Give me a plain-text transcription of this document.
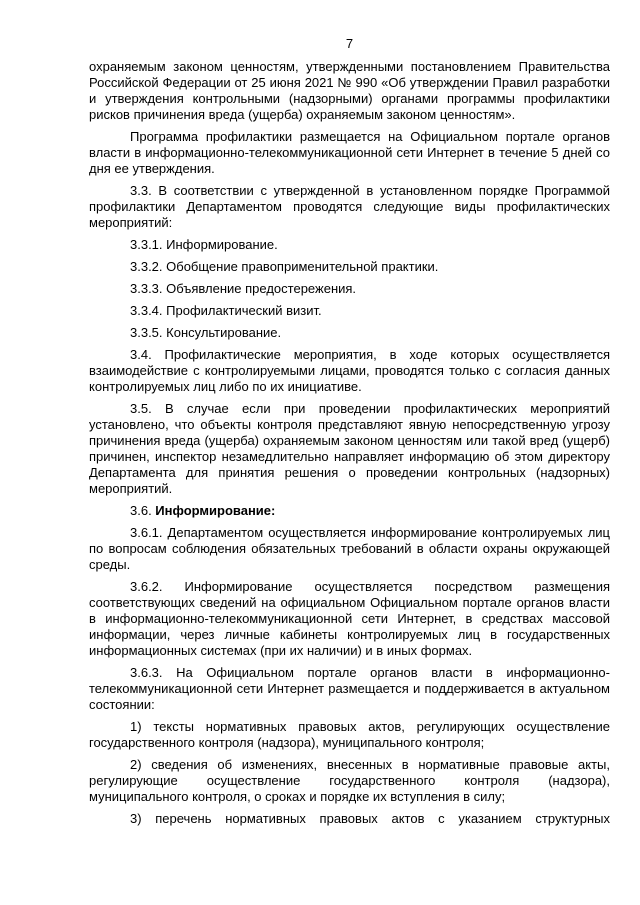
7

охраняемым законом ценностям, утвержденными постановлением Правительства Российской Федерации от 25 июня 2021 № 990 «Об утверждении Правил разработки и утверждения контрольными (надзорными) органами программы профилактики рисков причинения вреда (ущерба) охраняемым законом ценностям».

Программа профилактики размещается на Официальном портале органов власти в информационно-телекоммуникационной сети Интернет в течение 5 дней со дня ее утверждения.

3.3. В соответствии с утвержденной в установленном порядке Программой профилактики Департаментом проводятся следующие виды профилактических мероприятий:

3.3.1. Информирование.

3.3.2. Обобщение правоприменительной практики.

3.3.3. Объявление предостережения.

3.3.4. Профилактический визит.

3.3.5. Консультирование.

3.4. Профилактические мероприятия, в ходе которых осуществляется взаимодействие с контролируемыми лицами, проводятся только с согласия данных контролируемых лиц либо по их инициативе.

3.5. В случае если при проведении профилактических мероприятий установлено, что объекты контроля представляют явную непосредственную угрозу причинения вреда (ущерба) охраняемым законом ценностям или такой вред (ущерб) причинен, инспектор незамедлительно направляет информацию об этом директору Департамента для принятия решения о проведении контрольных (надзорных) мероприятий.

3.6. Информирование:

3.6.1. Департаментом осуществляется информирование контролируемых лиц по вопросам соблюдения обязательных требований в области охраны окружающей среды.

3.6.2. Информирование осуществляется посредством размещения соответствующих сведений на официальном Официальном портале органов власти в информационно-телекоммуникационной сети Интернет, в средствах массовой информации, через личные кабинеты контролируемых лиц в государственных информационных системах (при их наличии) и в иных формах.

3.6.3. На Официальном портале органов власти в информационно-телекоммуникационной сети Интернет размещается и поддерживается в актуальном состоянии:

1) тексты нормативных правовых актов, регулирующих осуществление государственного контроля (надзора), муниципального контроля;

2) сведения об изменениях, внесенных в нормативные правовые акты, регулирующие осуществление государственного контроля (надзора), муниципального контроля, о сроках и порядке их вступления в силу;

3) перечень нормативных правовых актов с указанием структурных
